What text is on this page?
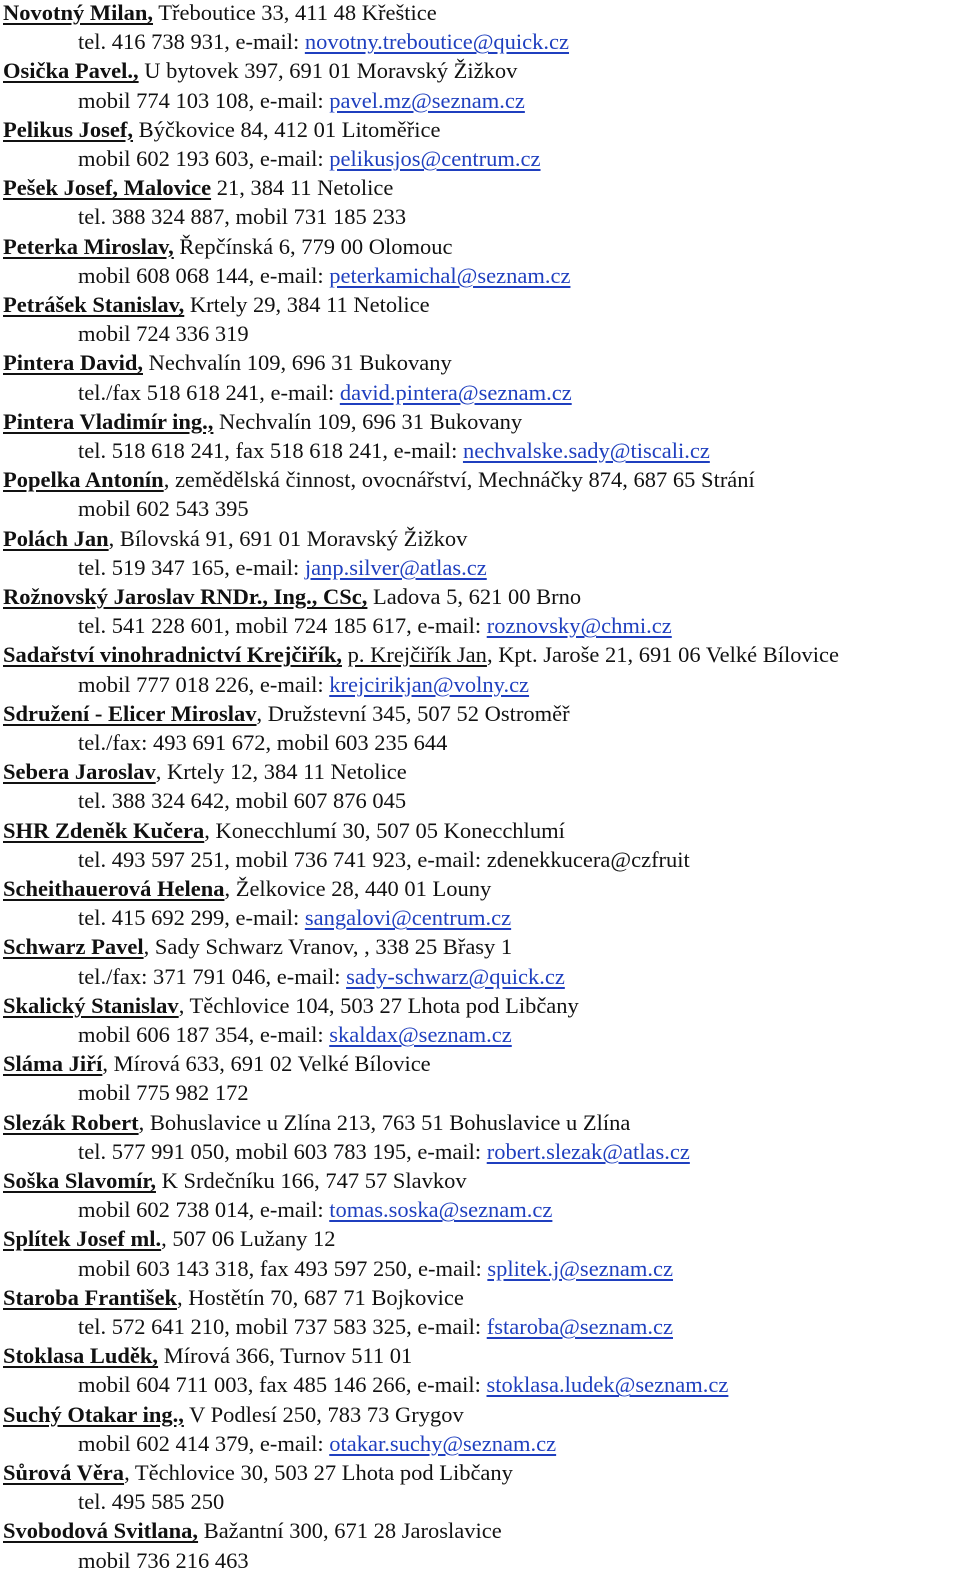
Novotný Milan, Třeboutice 33, 411 48 Křeštice
tel. 416 738 931, e-mail: novotny.treboutice@quick.cz
Osička Pavel., U bytovek 397, 691 01 Moravský Žižkov
mobil 774 103 108, e-mail: pavel.mz@seznam.cz
Pelikus Josef, Býčkovice 84, 412 01 Litoměřice
mobil 602 193 603, e-mail: pelikusjos@centrum.cz
Pešek Josef, Malovice 21, 384 11 Netolice
tel. 388 324 887, mobil 731 185 233
Peterka Miroslav, Řepčínská 6, 779 00 Olomouc
mobil 608 068 144, e-mail: peterkamichal@seznam.cz
Petrášek Stanislav, Krtely 29, 384 11 Netolice
mobil 724 336 319
Pintera David, Nechvalín 109, 696 31 Bukovany
tel./fax 518 618 241, e-mail: david.pintera@seznam.cz
Pintera Vladimír ing., Nechvalín 109, 696 31 Bukovany
tel. 518 618 241, fax 518 618 241, e-mail: nechvalske.sady@tiscali.cz
Popelka Antonín, zemědělská činnost, ovocnářství, Mechnáčky 874, 687 65 Strání
mobil 602 543 395
Polách Jan, Bílovská 91, 691 01 Moravský Žižkov
tel. 519 347 165, e-mail: janp.silver@atlas.cz
Rožnovský Jaroslav RNDr., Ing., CSc, Ladova 5, 621 00 Brno
tel. 541 228 601, mobil 724 185 617, e-mail: roznovsky@chmi.cz
Sadařství vinohradnictví Krejčiřík, p. Krejčiřík Jan, Kpt. Jaroše 21, 691 06 Velké Bílovice
mobil 777 018 226, e-mail: krejcirikjan@volny.cz
Sdružení - Elicer Miroslav, Družstevní 345, 507 52 Ostroměř
tel./fax: 493 691 672, mobil 603 235 644
Sebera Jaroslav, Krtely 12, 384 11 Netolice
tel. 388 324 642, mobil 607 876 045
SHR Zdeněk Kučera, Konecchlumí 30, 507 05 Konecchlumí
tel. 493 597 251, mobil 736 741 923, e-mail: zdenekkucera@czfruit
Scheithauerová Helena, Želkovice 28, 440 01 Louny
tel. 415 692 299, e-mail: sangalovi@centrum.cz
Schwarz Pavel, Sady Schwarz Vranov, , 338 25 Břasy 1
tel./fax: 371 791 046, e-mail: sady-schwarz@quick.cz
Skalický Stanislav, Těchlovice 104, 503 27 Lhota pod Libčany
mobil 606 187 354, e-mail: skaldax@seznam.cz
Sláma Jiří, Mírová 633, 691 02 Velké Bílovice
mobil 775 982 172
Slezák Robert, Bohuslavice u Zlína 213, 763 51 Bohuslavice u Zlína
tel. 577 991 050, mobil 603 783 195, e-mail: robert.slezak@atlas.cz
Soška Slavomír, K Srdečníku 166, 747 57 Slavkov
mobil 602 738 014, e-mail: tomas.soska@seznam.cz
Splítek Josef ml., 507 06 Lužany 12
mobil 603 143 318, fax 493 597 250, e-mail: splitek.j@seznam.cz
Staroba František, Hostětín 70, 687 71 Bojkovice
tel. 572 641 210, mobil 737 583 325, e-mail: fstaroba@seznam.cz
Stoklasa Luděk, Mírová 366, Turnov 511 01
mobil 604 711 003, fax 485 146 266, e-mail: stoklasa.ludek@seznam.cz
Suchý Otakar ing., V Podlesí 250, 783 73 Grygov
mobil 602 414 379, e-mail: otakar.suchy@seznam.cz
Sůrová Věra, Těchlovice 30, 503 27 Lhota pod Libčany
tel. 495 585 250
Svobodová Svitlana, Bažantní 300, 671 28 Jaroslavice
mobil 736 216 463
